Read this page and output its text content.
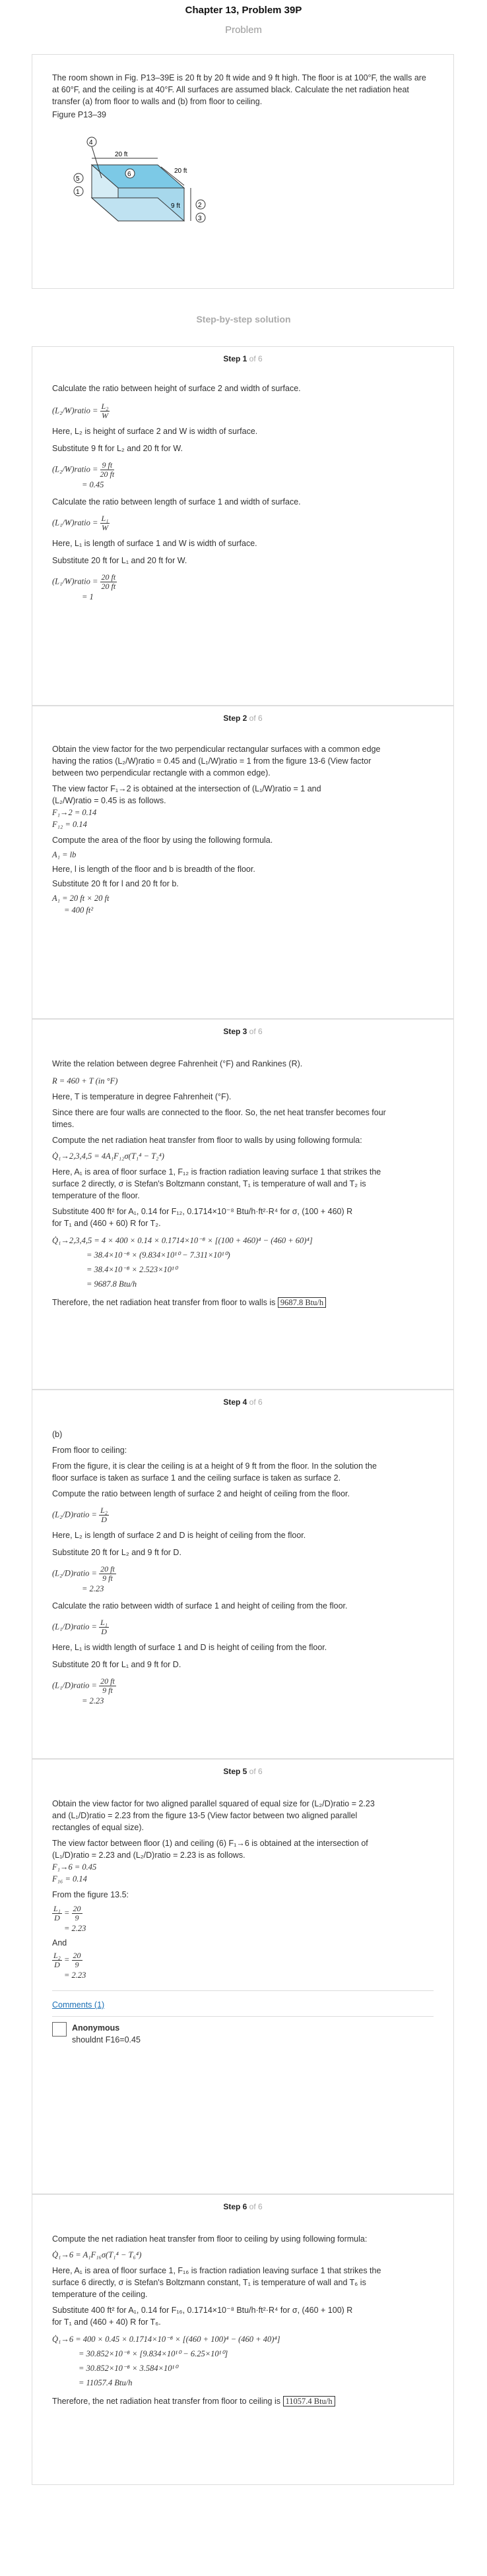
Chapter 13, Problem 39P
Problem

The room shown in Fig. P13–39E is 20 ft by 20 ft wide and 9 ft high. The floor is at 100°F, the walls are at 60°F, and the ceiling is at 40°F. All surfaces are assumed black. Calculate the net radiation heat transfer (a) from floor to walls and (b) from floor to ceiling.

Figure P13–39

20 ft
20 ft
9 ft
4
5
6
1
2
3
Step-by-step solution
Step 1 of 6

Calculate the ratio between height of surface 2 and width of surface.

(L₂/W)ratio = $\frac{\text{L₂}}{W}$

Here, L₂ is height of surface 2 and W is width of surface.

Substitute 9 ft for L₂ and 20 ft for W.

(L₂/W)ratio = $\frac{9 ft}{20 ft}$

= 0.45

Calculate the ratio between length of surface 1 and width of surface.

(L₁/W)ratio = $\frac{\text{L₁}}{W}$

Here, L₁ is length of surface 1 and W is width of surface.

Substitute 20 ft for L₁ and 20 ft for W.

(L₁/W)ratio = $\frac{20 ft}{20 ft}$

= 1

Step 2 of 6

Obtain the view factor for the two perpendicular rectangular surfaces with a common edge

having the ratios (L₂/W)ratio = 0.45 and (L₁/W)ratio = 1 from the figure 13-6 (View factor

between two perpendicular rectangle with a common edge).

The view factor F₁→2 is obtained at the intersection of (L₁/W)ratio = 1 and

(L₂/W)ratio = 0.45 is as follows.

F₁→2 = 0.14

F₁₂ = 0.14

Compute the area of the floor by using the following formula.

A₁ = lb

Here, l is length of the floor and b is breadth of the floor.

Substitute 20 ft for l and 20 ft for b.

A₁ = 20 ft × 20 ft

= 400 ft²

Step 3 of 6

Write the relation between degree Fahrenheit (°F) and Rankines (R).

R = 460 + T (in °F)

Here, T is temperature in degree Fahrenheit (°F).

Since there are four walls are connected to the floor. So, the net heat transfer becomes four

times.

Compute the net radiation heat transfer from floor to walls by using following formula:

Q̇₁→2,3,4,5 = 4A₁F₁₂σ(T₁⁴ − T₂⁴)

Here, A₁ is area of floor surface 1, F₁₂ is fraction radiation leaving surface 1 that strikes the

surface 2 directly, σ is Stefan's Boltzmann constant, T₁ is temperature of wall and T₂ is

temperature of the floor.

Substitute 400 ft² for A₁, 0.14 for F₁₂, 0.1714×10⁻⁸ Btu/h·ft²·R⁴ for σ, (100 + 460) R

for T₁ and (460 + 60) R for T₂.

Q̇₁→2,3,4,5 = 4 × 400 × 0.14 × 0.1714×10⁻⁸ × [(100 + 460)⁴ − (460 + 60)⁴]

= 38.4×10⁻⁸ × (9.834×10¹⁰ − 7.311×10¹⁰)

= 38.4×10⁻⁸ × 2.523×10¹⁰

= 9687.8 Btu/h

Therefore, the net radiation heat transfer from floor to walls is 9687.8 Btu/h

Step 4 of 6

(b)

From floor to ceiling:

From the figure, it is clear the ceiling is at a height of 9 ft from the floor. In the solution the

floor surface is taken as surface 1 and the ceiling surface is taken as surface 2.

Compute the ratio between length of surface 2 and height of ceiling from the floor.

(L₂/D)ratio = $\frac{\text{L₂}}{D}$

Here, L₂ is length of surface 2 and D is height of ceiling from the floor.

Substitute 20 ft for L₂ and 9 ft for D.

(L₂/D)ratio = $\frac{20 ft}{9 ft}$

= 2.23

Calculate the ratio between width of surface 1 and height of ceiling from the floor.

(L₁/D)ratio = $\frac{\text{L₁}}{D}$

Here, L₁ is width length of surface 1 and D is height of ceiling from the floor.

Substitute 20 ft for L₁ and 9 ft for D.

(L₁/D)ratio = $\frac{20 ft}{9 ft}$

= 2.23

Step 5 of 6

Obtain the view factor for two aligned parallel squared of equal size for (L₂/D)ratio = 2.23

and (L₁/D)ratio = 2.23 from the figure 13-5 (View factor between two aligned parallel

rectangles of equal size).

The view factor between floor (1) and ceiling (6) F₁→6 is obtained at the intersection of

(L₁/D)ratio = 2.23 and (L₂/D)ratio = 2.23 is as follows.

F₁→6 = 0.45

F₁₆ = 0.14

From the figure 13.5:

$\frac{\text{L₁}}{D} = \frac{20}{9}$

= 2.23

And

$\frac{\text{L₂}}{D} = \frac{20}{9}$

= 2.23

Comments (1)

Anonymous

shouldnt F16=0.45

Step 6 of 6

Compute the net radiation heat transfer from floor to ceiling by using following formula:

Q̇₁→6 = A₁F₁₆σ(T₁⁴ − T₆⁴)

Here, A₁ is area of floor surface 1, F₁₆ is fraction radiation leaving surface 1 that strikes the

surface 6 directly, σ is Stefan's Boltzmann constant, T₁ is temperature of wall and T₆ is

temperature of the ceiling.

Substitute 400 ft² for A₁, 0.14 for F₁₆, 0.1714×10⁻⁸ Btu/h·ft²·R⁴ for σ, (460 + 100) R

for T₁ and (460 + 40) R for T₆.

Q̇₁→6 = 400 × 0.45 × 0.1714×10⁻⁸ × [(460 + 100)⁴ − (460 + 40)⁴]

= 30.852×10⁻⁸ × [9.834×10¹⁰ − 6.25×10¹⁰]

= 30.852×10⁻⁸ × 3.584×10¹⁰

= 11057.4 Btu/h

Therefore, the net radiation heat transfer from floor to ceiling is 11057.4 Btu/h
